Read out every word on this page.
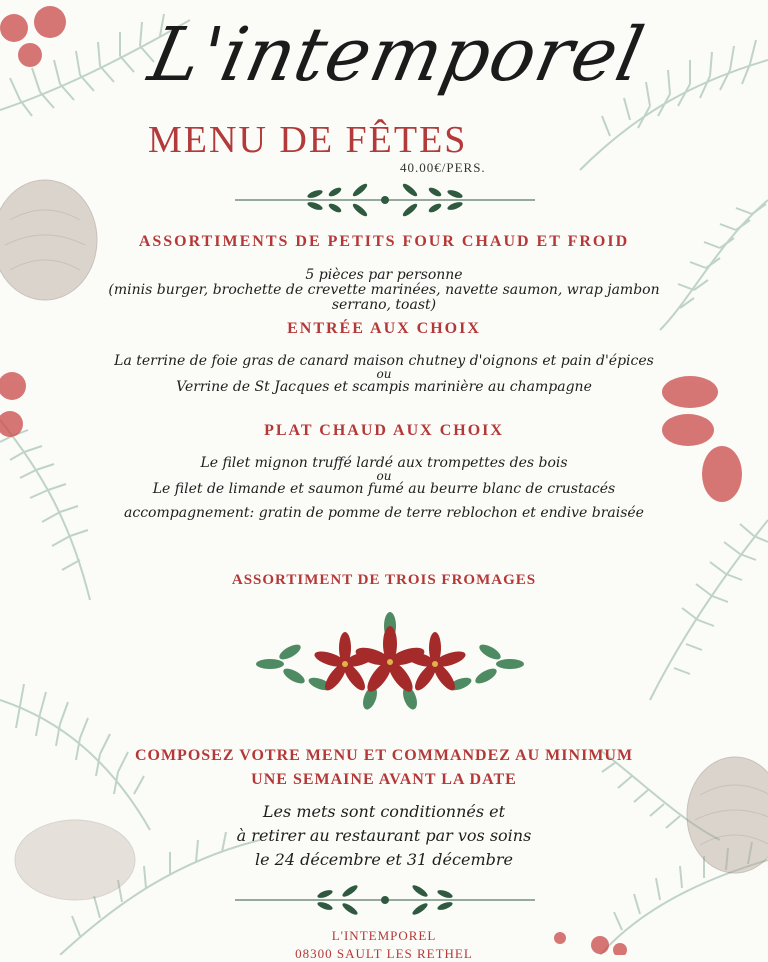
L'intemporel
MENU DE FÊTES
40.00€/PERS.
ASSORTIMENTS DE PETITS FOUR CHAUD ET FROID
5 pièces par personne
(minis burger, brochette de crevette marinées, navette saumon, wrap jambon
serrano, toast)
ENTRÉE AUX CHOIX
La terrine de foie gras de canard maison chutney d'oignons et pain d'épices
ou
Verrine de St Jacques et scampis marinière au champagne
PLAT CHAUD AUX CHOIX
Le filet mignon truffé lardé aux trompettes des bois
ou
Le filet de limande et saumon fumé au beurre blanc de crustacés
accompagnement: gratin de pomme de terre reblochon et endive braisée
ASSORTIMENT DE TROIS FROMAGES
COMPOSEZ VOTRE MENU ET COMMANDEZ AU MINIMUM
UNE SEMAINE AVANT LA DATE
Les mets sont conditionnés et
à retirer au restaurant par vos soins
le 24 décembre et 31 décembre
L'INTEMPOREL
08300 SAULT LES RETHEL
